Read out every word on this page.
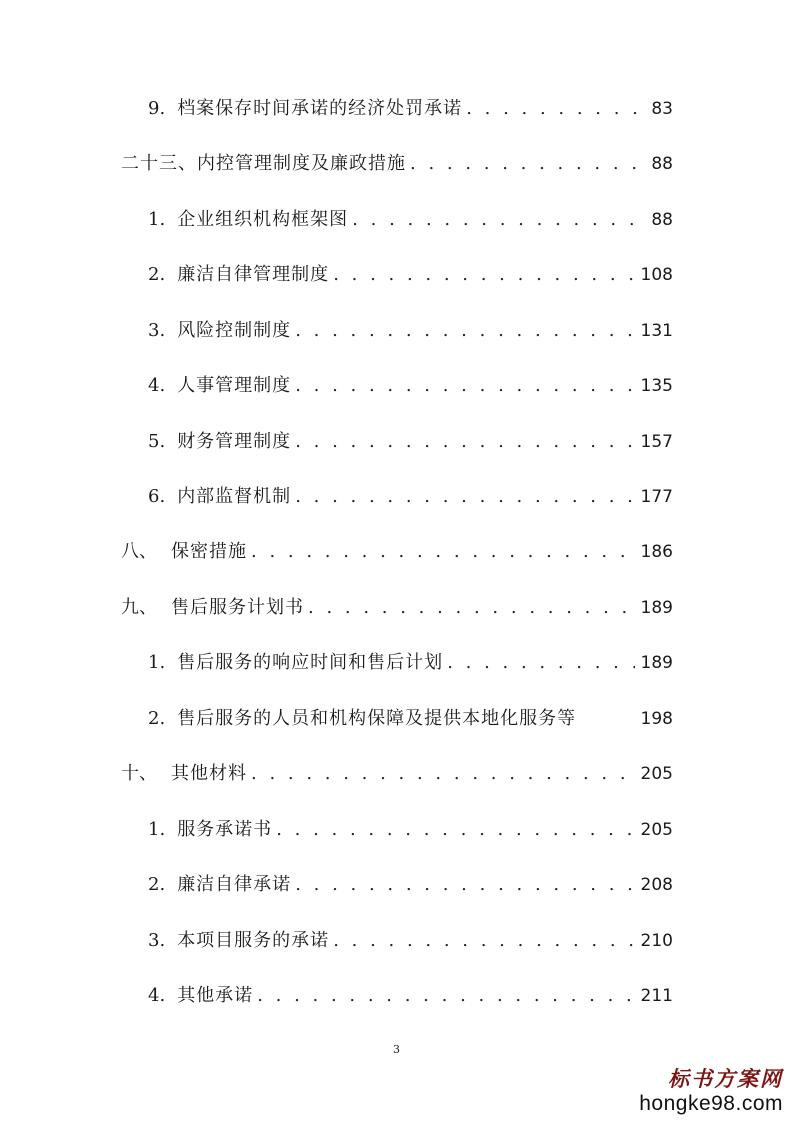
9. 档案保存时间承诺的经济处罚承诺 . . .	83
二十三、内控管理制度及廉政措施 . . .	88
1. 企业组织机构框架图 . . .	88
2. 廉洁自律管理制度 . . .	108
3. 风险控制制度 . . .	131
4. 人事管理制度 . . .	135
5. 财务管理制度 . . .	157
6. 内部监督机制 . . .	177
八、 保密措施 . . .	186
九、 售后服务计划书 . . .	189
1. 售后服务的响应时间和售后计划 . . .	189
2. 售后服务的人员和机构保障及提供本地化服务等	198
十、 其他材料 . . .	205
1. 服务承诺书 . . .	205
2. 廉洁自律承诺 . . .	208
3. 本项目服务的承诺 . . .	210
4. 其他承诺 . . .	211
3
标书方案网
hongke98.com
